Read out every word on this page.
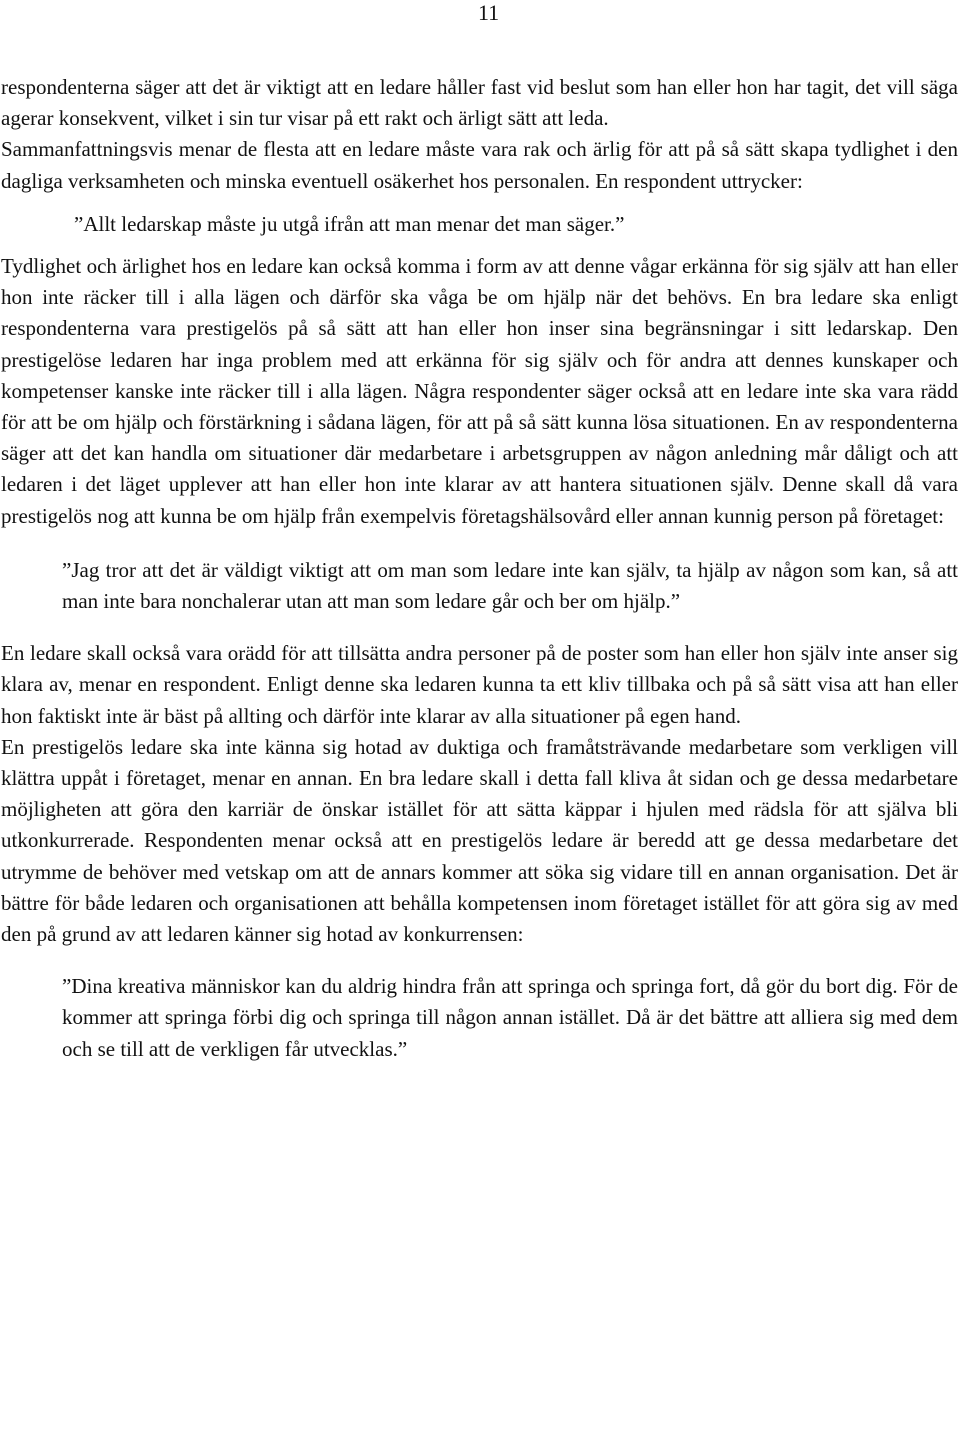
11

respondenterna säger att det är viktigt att en ledare håller fast vid beslut som han eller hon har tagit, det vill säga agerar konsekvent, vilket i sin tur visar på ett rakt och ärligt sätt att leda.

Sammanfattningsvis menar de flesta att en ledare måste vara rak och ärlig för att på så sätt skapa tydlighet i den dagliga verksamheten och minska eventuell osäkerhet hos personalen. En respondent uttrycker:

”Allt ledarskap måste ju utgå ifrån att man menar det man säger.”

Tydlighet och ärlighet hos en ledare kan också komma i form av att denne vågar erkänna för sig själv att han eller hon inte räcker till i alla lägen och därför ska våga be om hjälp när det behövs. En bra ledare ska enligt respondenterna vara prestigelös på så sätt att han eller hon inser sina begränsningar i sitt ledarskap. Den prestigelöse ledaren har inga problem med att erkänna för sig själv och för andra att dennes kunskaper och kompetenser kanske inte räcker till i alla lägen. Några respondenter säger också att en ledare inte ska vara rädd för att be om hjälp och förstärkning i sådana lägen, för att på så sätt kunna lösa situationen. En av respondenterna säger att det kan handla om situationer där medarbetare i arbetsgruppen av någon anledning mår dåligt och att ledaren i det läget upplever att han eller hon inte klarar av att hantera situationen själv. Denne skall då vara prestigelös nog att kunna be om hjälp från exempelvis företagshälsovård eller annan kunnig person på företaget:

”Jag tror att det är väldigt viktigt att om man som ledare inte kan själv, ta hjälp av någon som kan, så att man inte bara nonchalerar utan att man som ledare går och ber om hjälp.”

En ledare skall också vara orädd för att tillsätta andra personer på de poster som han eller hon själv inte anser sig klara av, menar en respondent. Enligt denne ska ledaren kunna ta ett kliv tillbaka och på så sätt visa att han eller hon faktiskt inte är bäst på allting och därför inte klarar av alla situationer på egen hand.

En prestigelös ledare ska inte känna sig hotad av duktiga och framåtsträvande medarbetare som verkligen vill klättra uppåt i företaget, menar en annan. En bra ledare skall i detta fall kliva åt sidan och ge dessa medarbetare möjligheten att göra den karriär de önskar istället för att sätta käppar i hjulen med rädsla för att själva bli utkonkurrerade. Respondenten menar också att en prestigelös ledare är beredd att ge dessa medarbetare det utrymme de behöver med vetskap om att de annars kommer att söka sig vidare till en annan organisation. Det är bättre för både ledaren och organisationen att behålla kompetensen inom företaget istället för att göra sig av med den på grund av att ledaren känner sig hotad av konkurrensen:

”Dina kreativa människor kan du aldrig hindra från att springa och springa fort, då gör du bort dig. För de kommer att springa förbi dig och springa till någon annan istället. Då är det bättre att alliera sig med dem och se till att de verkligen får utvecklas.”
